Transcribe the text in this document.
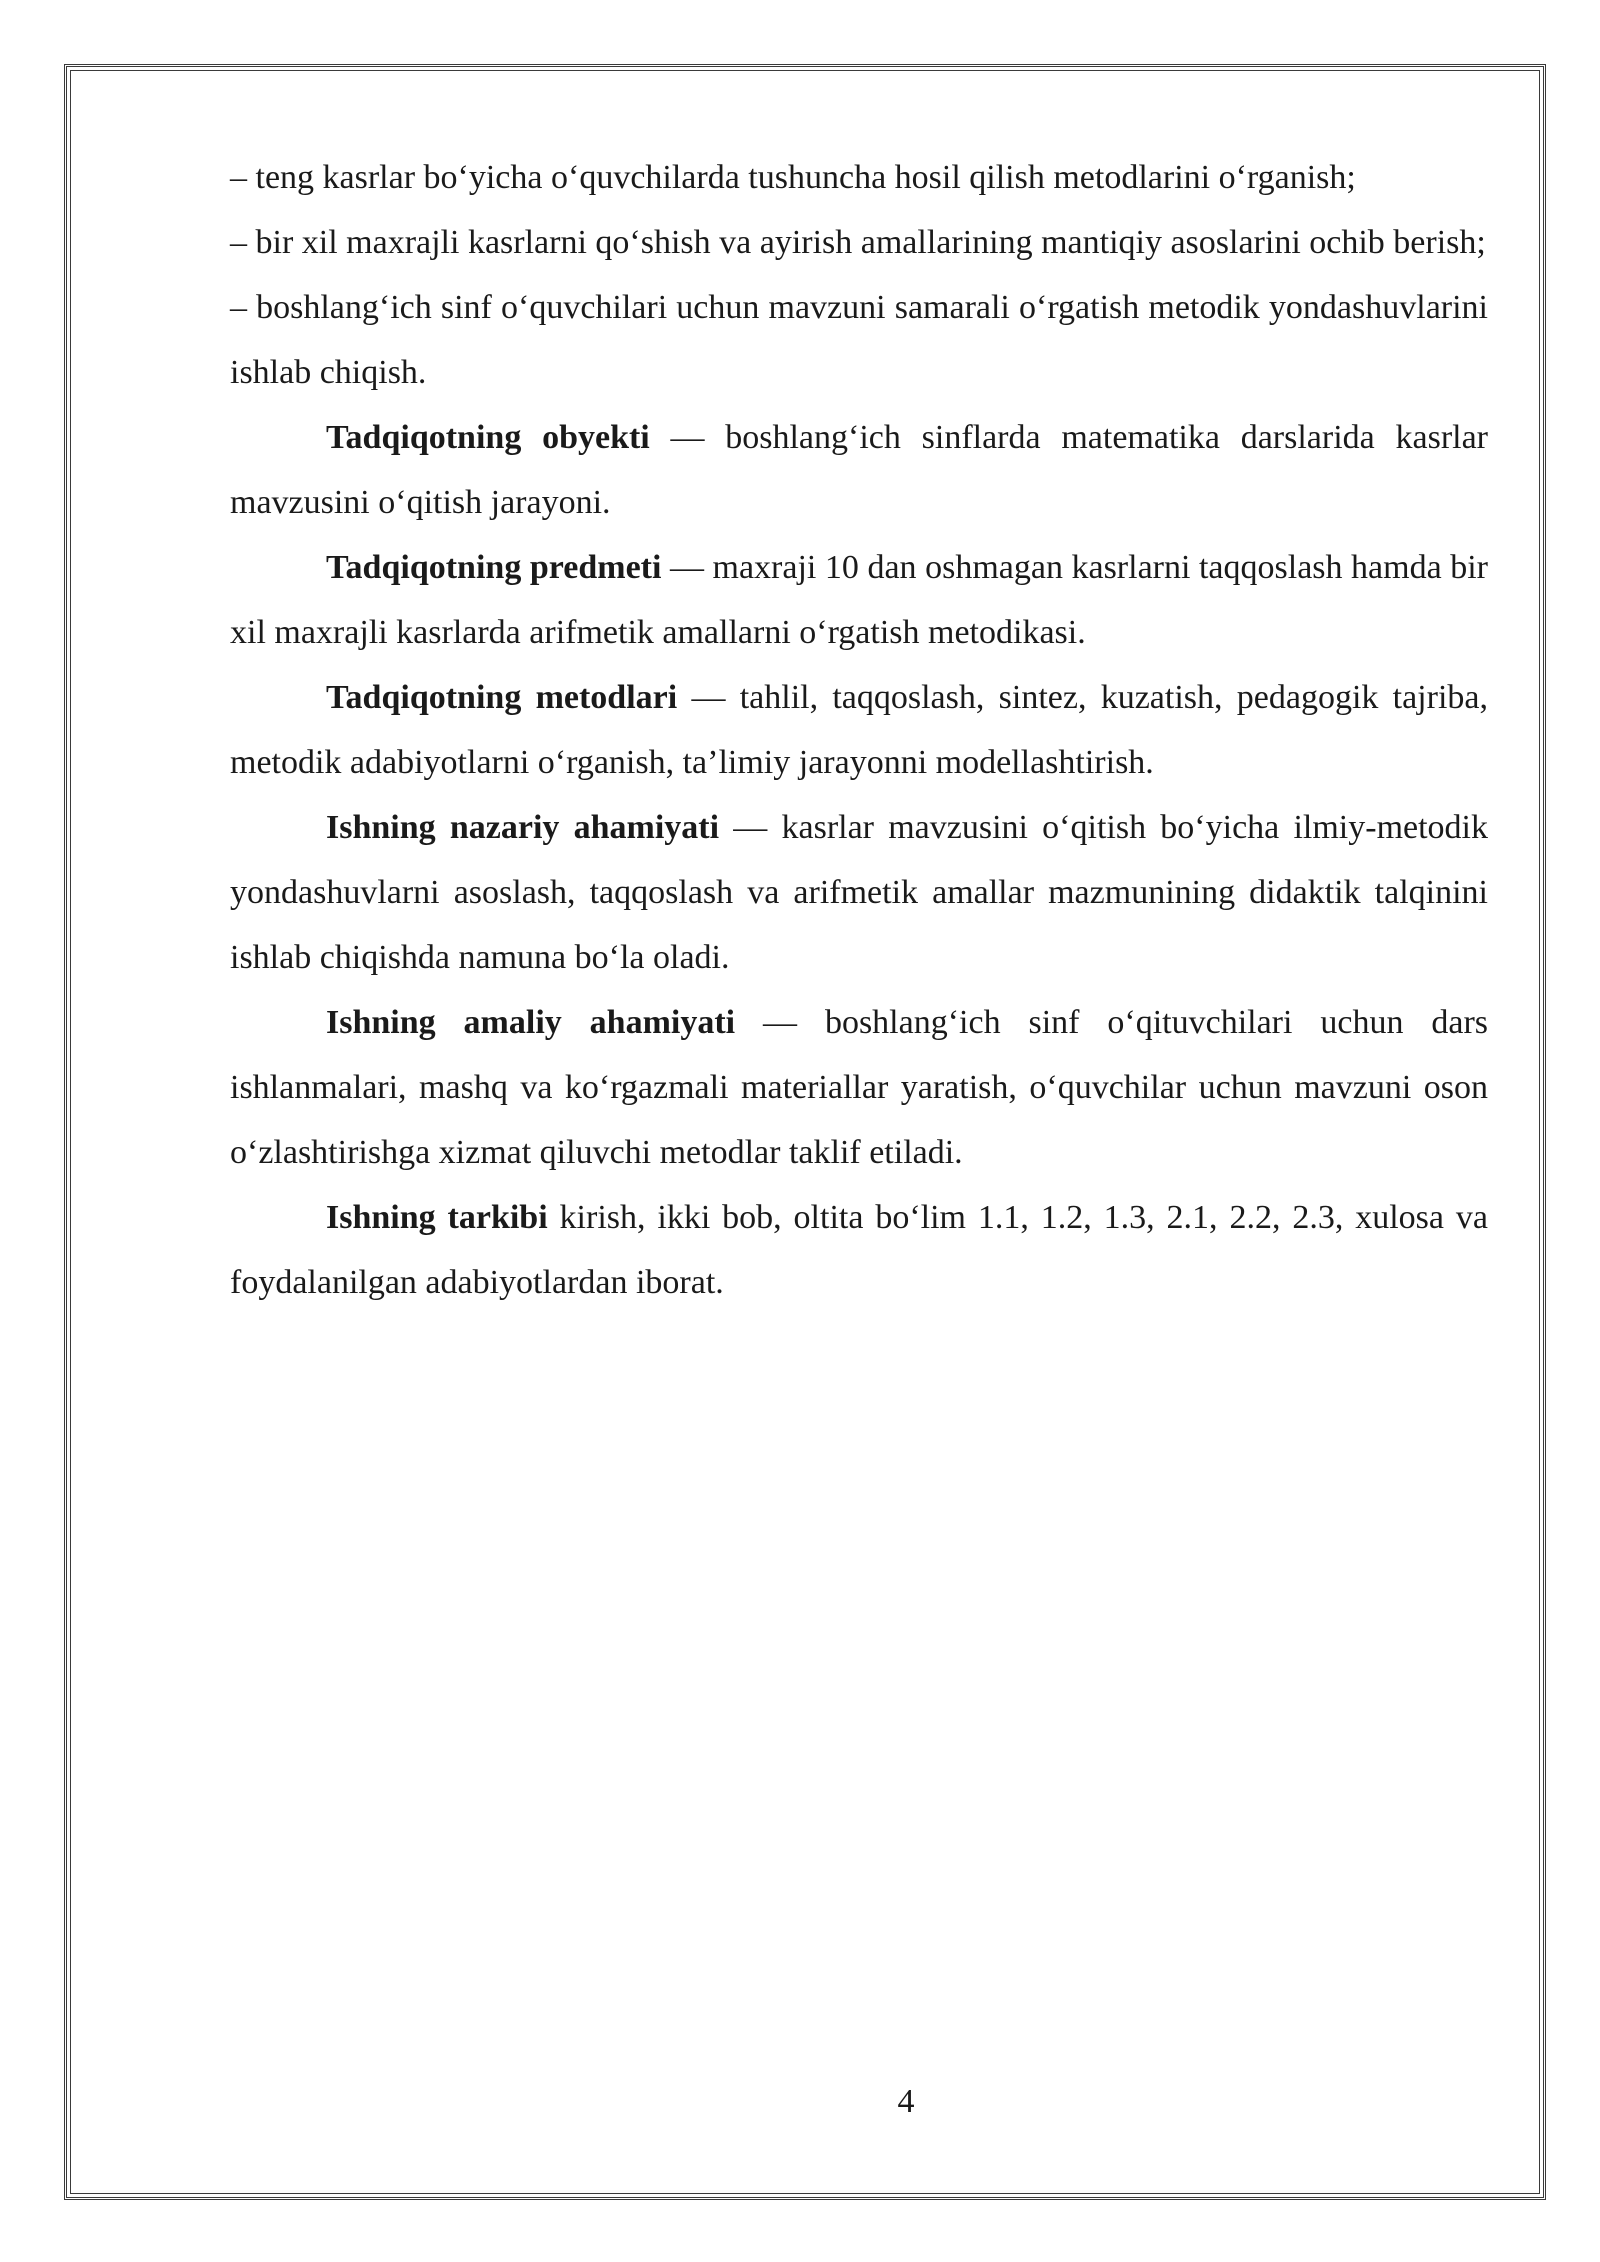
– teng kasrlar bo‘yicha o‘quvchilarda tushuncha hosil qilish metodlarini o‘rganish;

– bir xil maxrajli kasrlarni qo‘shish va ayirish amallarining mantiqiy asoslarini ochib berish;

– boshlang‘ich sinf o‘quvchilari uchun mavzuni samarali o‘rgatish metodik yondashuvlarini ishlab chiqish.

Tadqiqotning obyekti — boshlang‘ich sinflarda matematika darslarida kasrlar mavzusini o‘qitish jarayoni.

Tadqiqotning predmeti — maxraji 10 dan oshmagan kasrlarni taqqoslash hamda bir xil maxrajli kasrlarda arifmetik amallarni o‘rgatish metodikasi.

Tadqiqotning metodlari — tahlil, taqqoslash, sintez, kuzatish, pedagogik tajriba, metodik adabiyotlarni o‘rganish, ta’limiy jarayonni modellashtirish.

Ishning nazariy ahamiyati — kasrlar mavzusini o‘qitish bo‘yicha ilmiy-metodik yondashuvlarni asoslash, taqqoslash va arifmetik amallar mazmunining didaktik talqinini ishlab chiqishda namuna bo‘la oladi.

Ishning amaliy ahamiyati — boshlang‘ich sinf o‘qituvchilari uchun dars ishlanmalari, mashq va ko‘rgazmali materiallar yaratish, o‘quvchilar uchun mavzuni oson o‘zlashtirishga xizmat qiluvchi metodlar taklif etiladi.

Ishning tarkibi kirish, ikki bob, oltita bo‘lim 1.1, 1.2, 1.3, 2.1, 2.2, 2.3, xulosa va foydalanilgan adabiyotlardan iborat.

4
